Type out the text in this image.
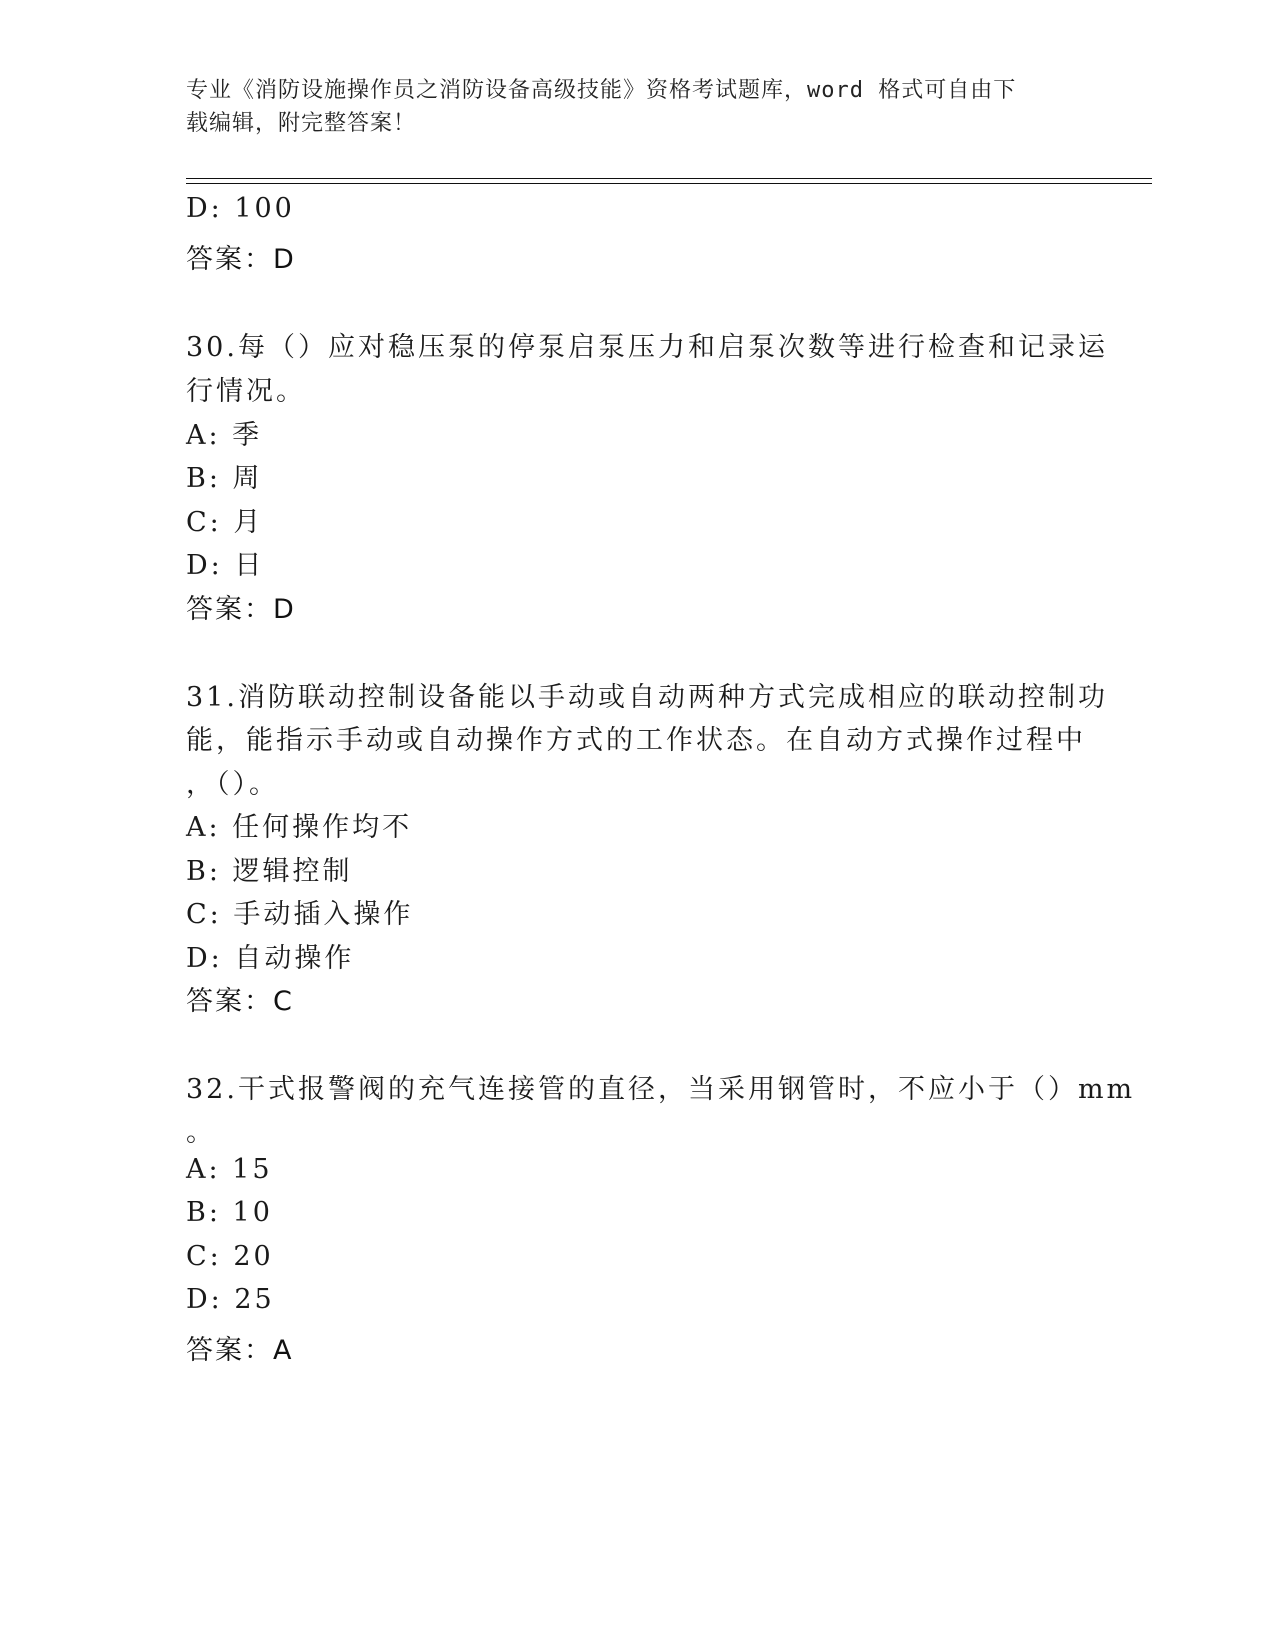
专业《消防设施操作员之消防设备高级技能》资格考试题库，word 格式可自由下
载编辑，附完整答案！
D: 100
答案：D
30.每（）应对稳压泵的停泵启泵压力和启泵次数等进行检查和记录运
行情况。
A: 季
B: 周
C: 月
D: 日
答案：D
31.消防联动控制设备能以手动或自动两种方式完成相应的联动控制功
能，能指示手动或自动操作方式的工作状态。在自动方式操作过程中
，（）。
A: 任何操作均不
B: 逻辑控制
C: 手动插入操作
D: 自动操作
答案：C
32.干式报警阀的充气连接管的直径，当采用钢管时，不应小于（）mm
。
A: 15
B: 10
C: 20
D: 25
答案：A
